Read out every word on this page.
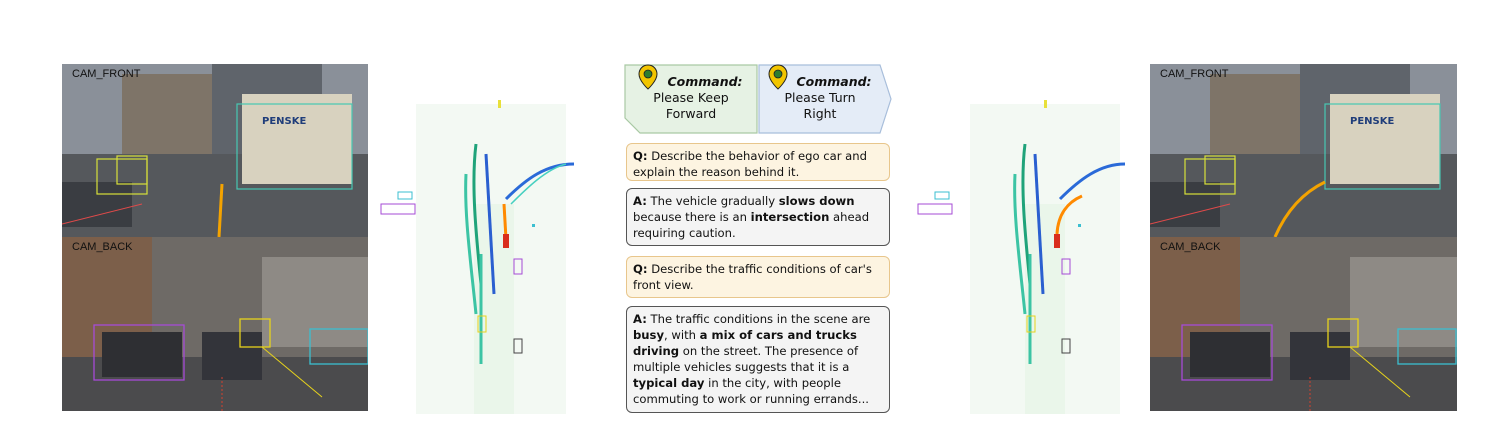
CAM_FRONT
PENSKE
CAM_BACK
Command:
Please Keep
Forward
Command:
Please Turn
Right
Q: Describe the behavior of ego car and explain the reason behind it.
A: The vehicle gradually slows down because there is an intersection ahead requiring caution.
Q: Describe the traffic conditions of car's front view.
A: The traffic conditions in the scene are busy, with a mix of cars and trucks driving on the street. The presence of multiple vehicles suggests that it is a typical day in the city, with people commuting to work or running errands...
CAM_FRONT
PENSKE
CAM_BACK
